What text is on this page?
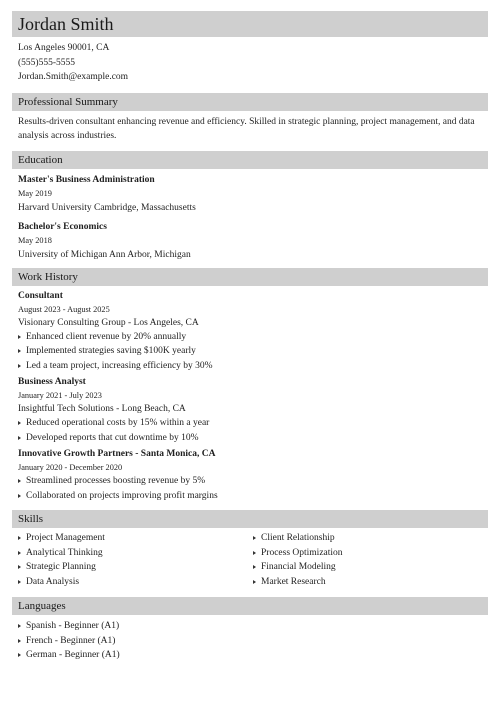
Jordan Smith
Los Angeles 90001, CA
(555)555-5555
Jordan.Smith@example.com
Professional Summary
Results-driven consultant enhancing revenue and efficiency. Skilled in strategic planning, project management, and data analysis across industries.
Education
Master's Business Administration
May 2019
Harvard University Cambridge, Massachusetts
Bachelor's Economics
May 2018
University of Michigan Ann Arbor, Michigan
Work History
Consultant
August 2023 - August 2025
Visionary Consulting Group - Los Angeles, CA
Enhanced client revenue by 20% annually
Implemented strategies saving $100K yearly
Led a team project, increasing efficiency by 30%
Business Analyst
January 2021 - July 2023
Insightful Tech Solutions - Long Beach, CA
Reduced operational costs by 15% within a year
Developed reports that cut downtime by 10%
Innovative Growth Partners - Santa Monica, CA
January 2020 - December 2020
Streamlined processes boosting revenue by 5%
Collaborated on projects improving profit margins
Skills
Project Management
Analytical Thinking
Strategic Planning
Data Analysis
Client Relationship
Process Optimization
Financial Modeling
Market Research
Languages
Spanish - Beginner (A1)
French - Beginner (A1)
German - Beginner (A1)
